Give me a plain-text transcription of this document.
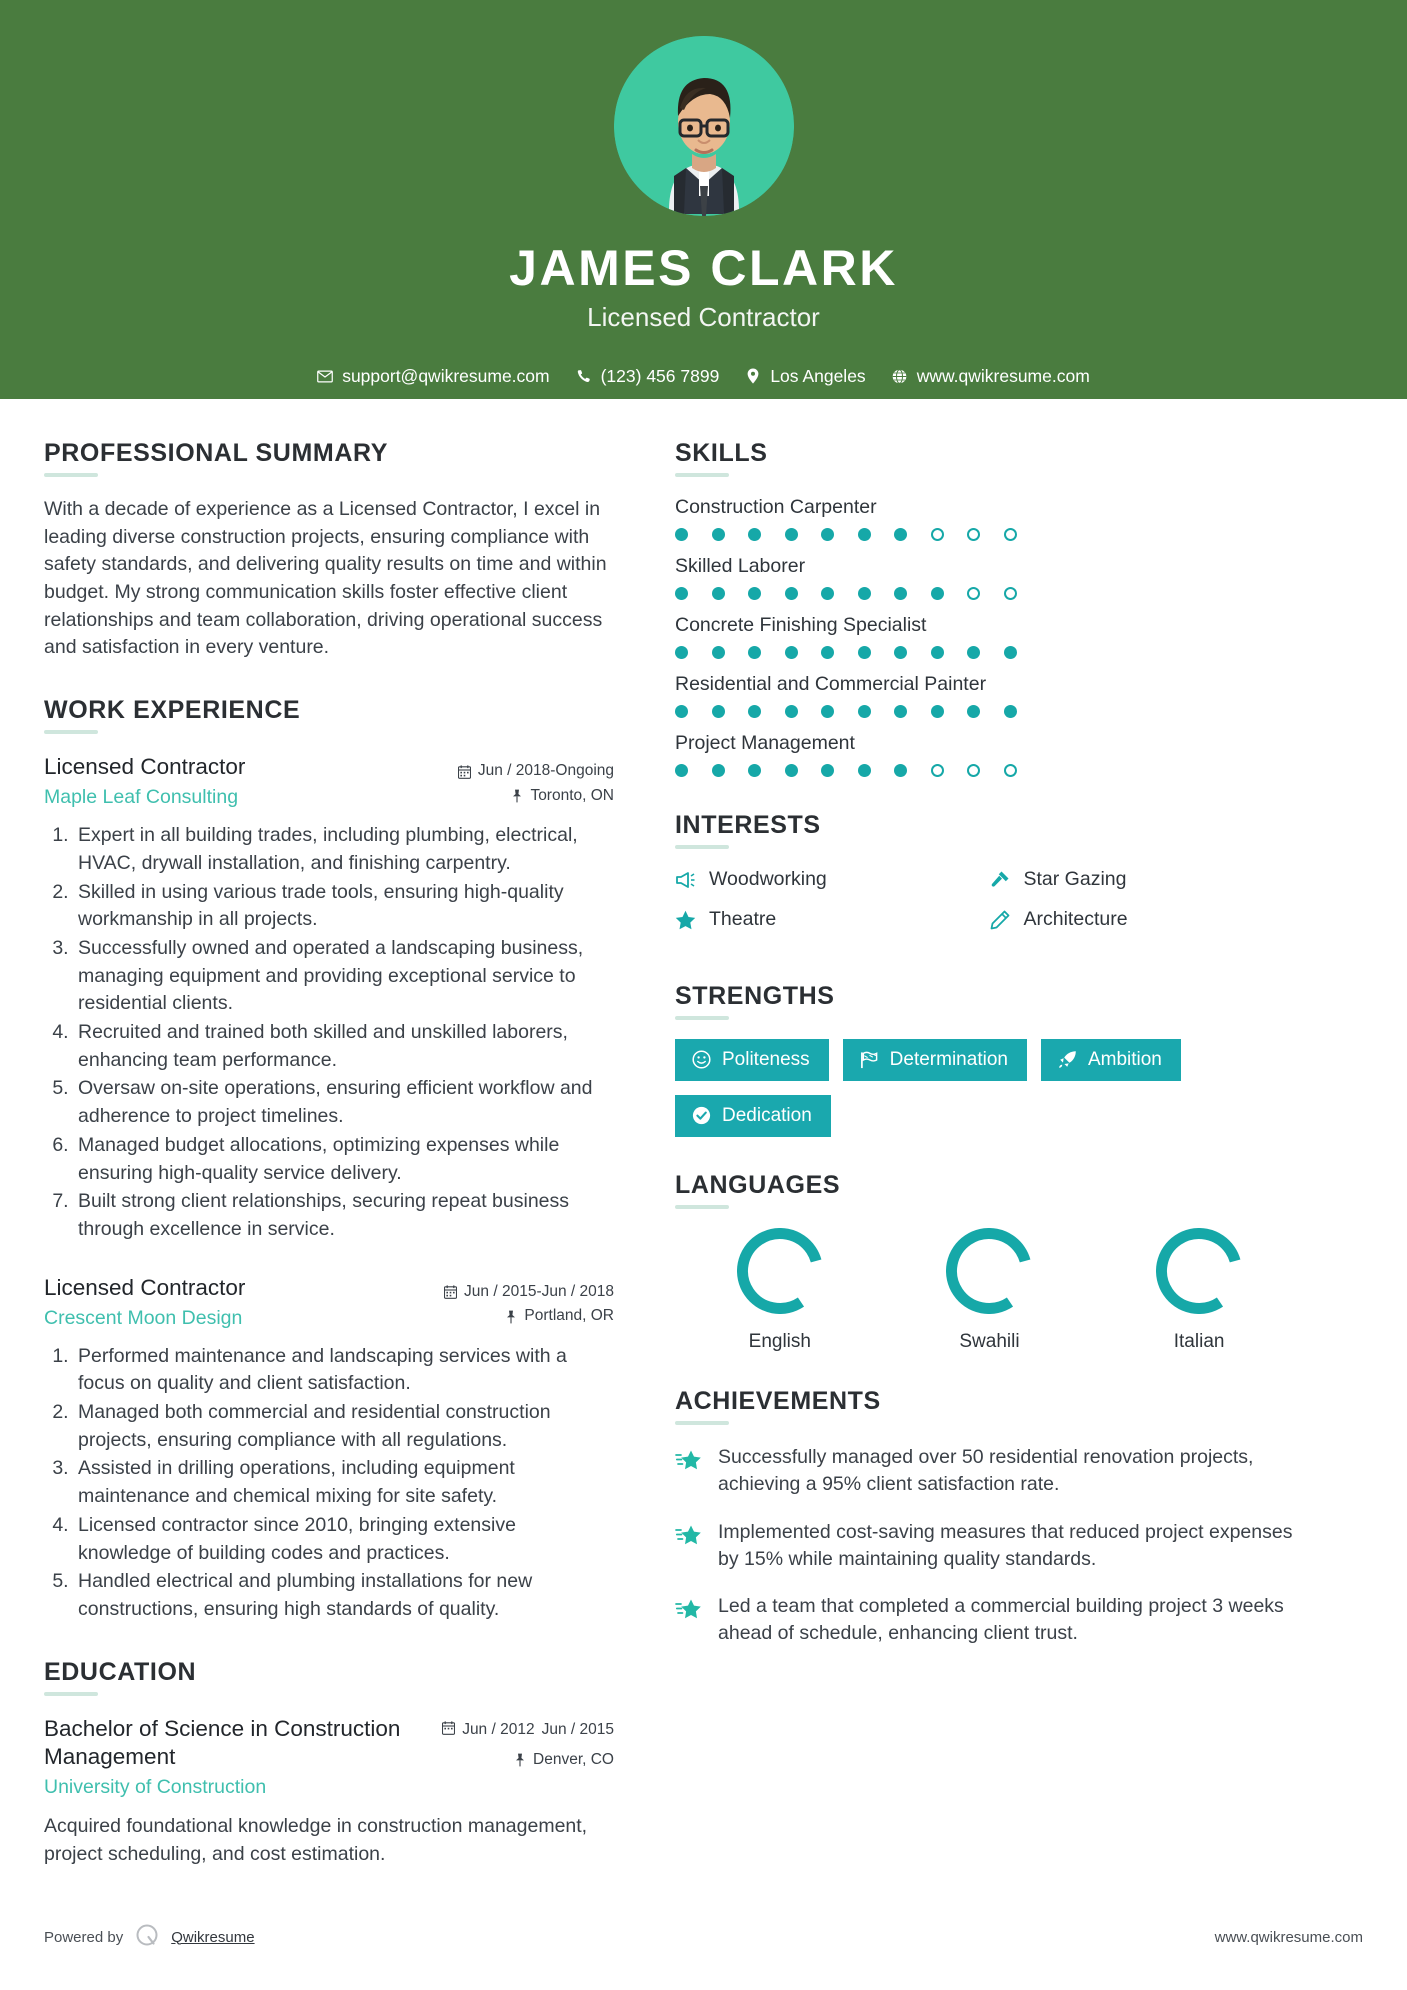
JAMES CLARK
Licensed Contractor
support@qwikresume.com	(123) 456 7899	Los Angeles	www.qwikresume.com
PROFESSIONAL SUMMARY
With a decade of experience as a Licensed Contractor, I excel in leading diverse construction projects, ensuring compliance with safety standards, and delivering quality results on time and within budget. My strong communication skills foster effective client relationships and team collaboration, driving operational success and satisfaction in every venture.
WORK EXPERIENCE
Licensed Contractor
Maple Leaf Consulting
Jun / 2018-Ongoing
Toronto, ON
1. Expert in all building trades, including plumbing, electrical, HVAC, drywall installation, and finishing carpentry.
2. Skilled in using various trade tools, ensuring high-quality workmanship in all projects.
3. Successfully owned and operated a landscaping business, managing equipment and providing exceptional service to residential clients.
4. Recruited and trained both skilled and unskilled laborers, enhancing team performance.
5. Oversaw on-site operations, ensuring efficient workflow and adherence to project timelines.
6. Managed budget allocations, optimizing expenses while ensuring high-quality service delivery.
7. Built strong client relationships, securing repeat business through excellence in service.
Licensed Contractor
Crescent Moon Design
Jun / 2015-Jun / 2018
Portland, OR
1. Performed maintenance and landscaping services with a focus on quality and client satisfaction.
2. Managed both commercial and residential construction projects, ensuring compliance with all regulations.
3. Assisted in drilling operations, including equipment maintenance and chemical mixing for site safety.
4. Licensed contractor since 2010, bringing extensive knowledge of building codes and practices.
5. Handled electrical and plumbing installations for new constructions, ensuring high standards of quality.
EDUCATION
Bachelor of Science in Construction Management
University of Construction
Jun / 2012 Jun / 2015
Denver, CO
Acquired foundational knowledge in construction management, project scheduling, and cost estimation.
SKILLS
Construction Carpenter
Skilled Laborer
Concrete Finishing Specialist
Residential and Commercial Painter
Project Management
INTERESTS
Woodworking	Star Gazing
Theatre	Architecture
STRENGTHS
Politeness	Determination	Ambition
Dedication
LANGUAGES
English	Swahili	Italian
ACHIEVEMENTS
Successfully managed over 50 residential renovation projects, achieving a 95% client satisfaction rate.
Implemented cost-saving measures that reduced project expenses by 15% while maintaining quality standards.
Led a team that completed a commercial building project 3 weeks ahead of schedule, enhancing client trust.
Powered by	Qwikresume	www.qwikresume.com
